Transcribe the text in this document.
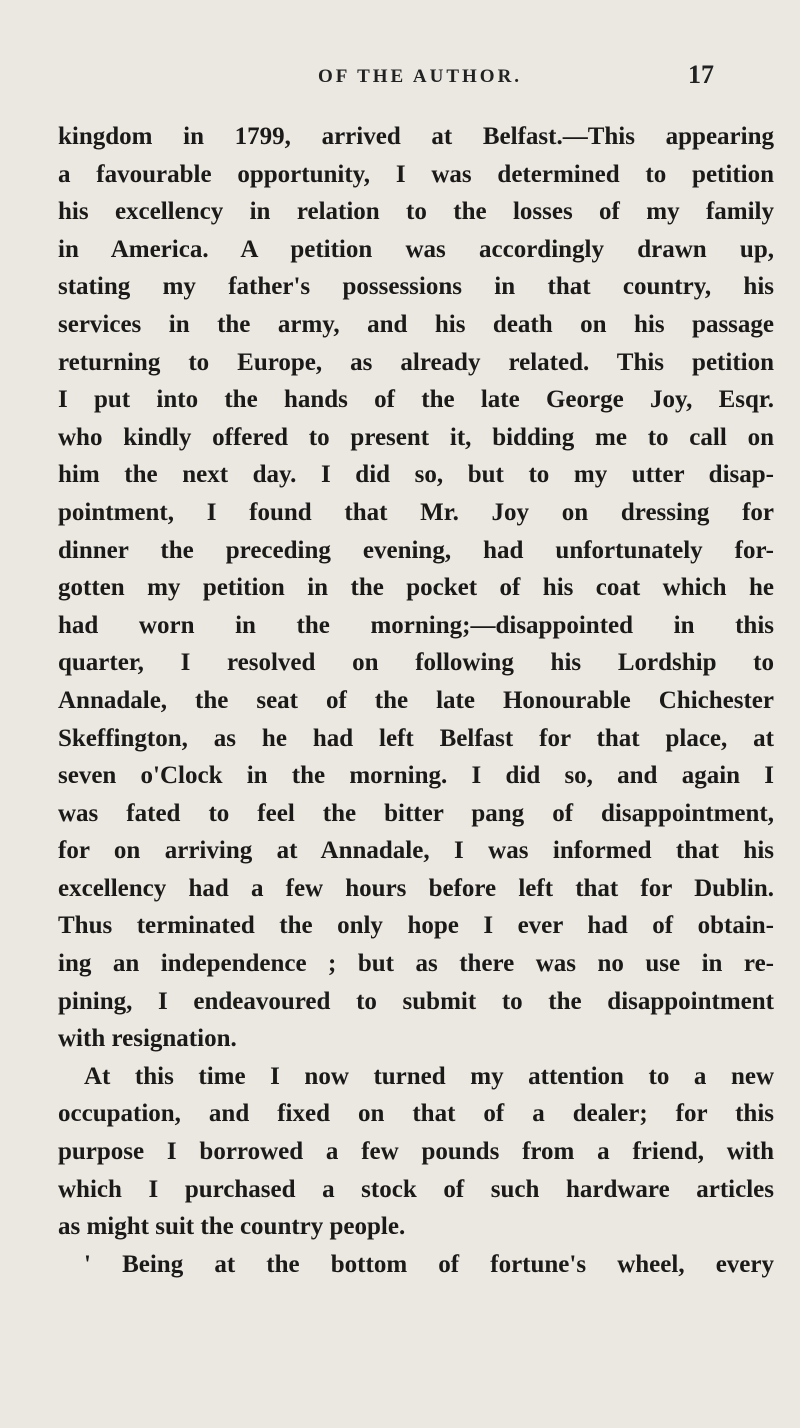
OF THE AUTHOR.	17
kingdom in 1799, arrived at Belfast.—This appearing
a favourable opportunity, I was determined to petition
his excellency in relation to the losses of my family
in America. A petition was accordingly drawn up,
stating my father's possessions in that country, his
services in the army, and his death on his passage
returning to Europe, as already related. This petition
I put into the hands of the late George Joy, Esqr.
who kindly offered to present it, bidding me to call on
him the next day. I did so, but to my utter disap-
pointment, I found that Mr. Joy on dressing for
dinner the preceding evening, had unfortunately for-
gotten my petition in the pocket of his coat which he
had worn in the morning;—disappointed in this
quarter, I resolved on following his Lordship to
Annadale, the seat of the late Honourable Chichester
Skeffington, as he had left Belfast for that place, at
seven o'Clock in the morning. I did so, and again I
was fated to feel the bitter pang of disappointment,
for on arriving at Annadale, I was informed that his
excellency had a few hours before left that for Dublin.
Thus terminated the only hope I ever had of obtain-
ing an independence ; but as there was no use in re-
pining, I endeavoured to submit to the disappointment
with resignation.
At this time I now turned my attention to a new
occupation, and fixed on that of a dealer; for this
purpose I borrowed a few pounds from a friend, with
which I purchased a stock of such hardware articles
as might suit the country people.
' Being at the bottom of fortune's wheel, every
